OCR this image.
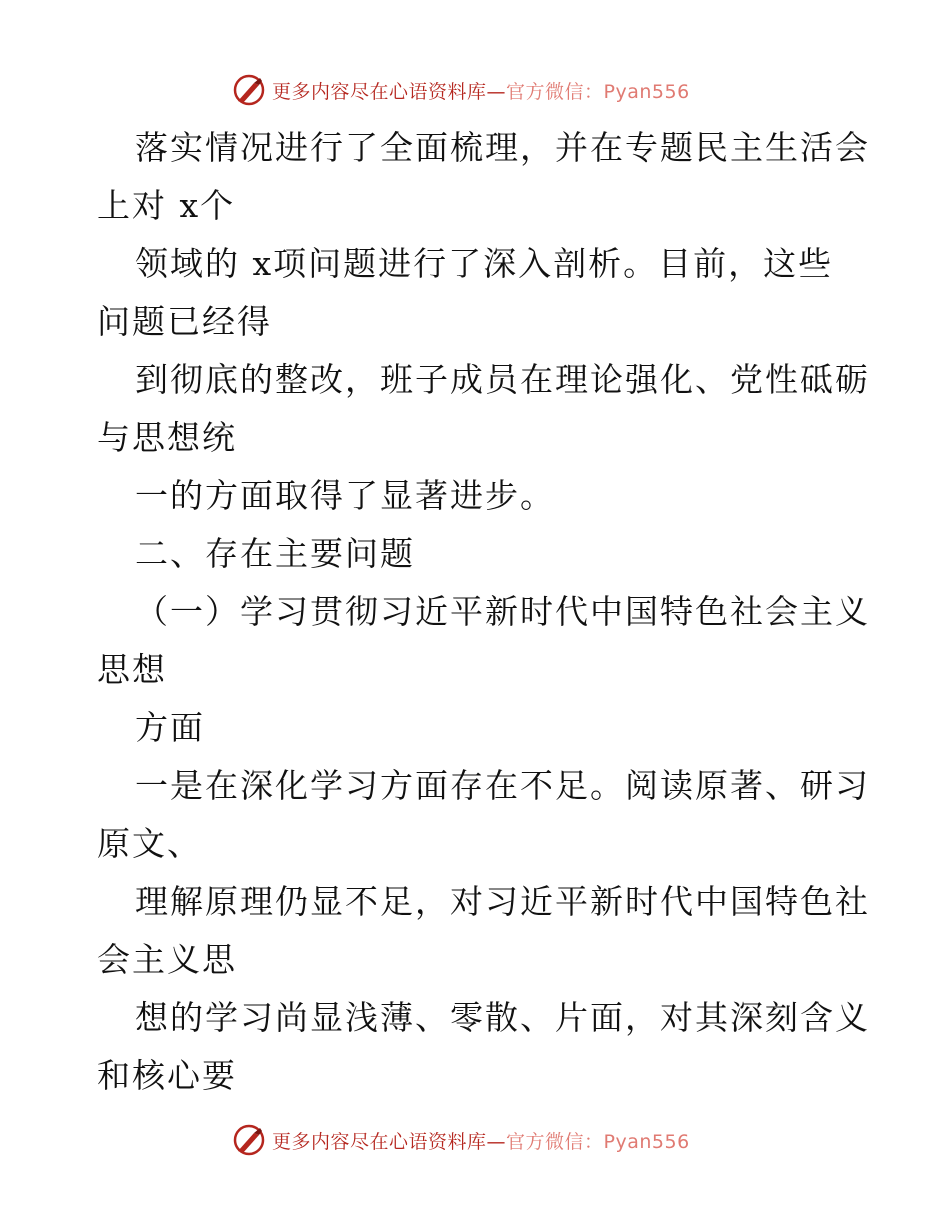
更多内容尽在心语资料库—官方微信：Pyan556
落实情况进行了全面梳理，并在专题民主生活会
上对 x个
领域的 x项问题进行了深入剖析。目前，这些
问题已经得
到彻底的整改，班子成员在理论强化、党性砥砺
与思想统
一的方面取得了显著进步。
二、存在主要问题
（一）学习贯彻习近平新时代中国特色社会主义
思想
方面
一是在深化学习方面存在不足。阅读原著、研习
原文、
理解原理仍显不足，对习近平新时代中国特色社
会主义思
想的学习尚显浅薄、零散、片面，对其深刻含义
和核心要
更多内容尽在心语资料库—官方微信：Pyan556
